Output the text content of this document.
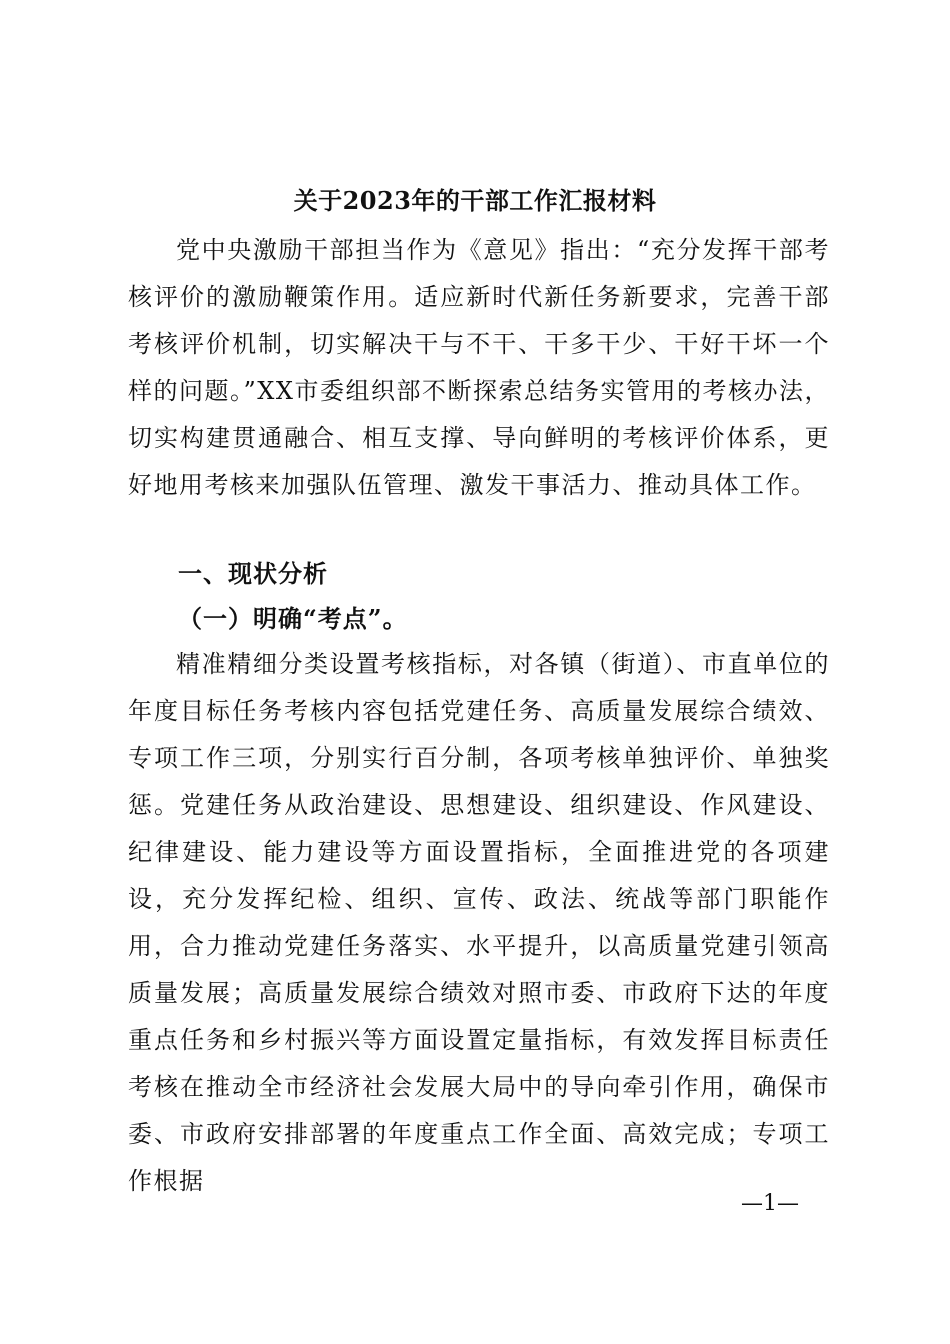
关于2023年的干部工作汇报材料

党中央激励干部担当作为《意见》指出：“充分发挥干部考核评价的激励鞭策作用。适应新时代新任务新要求，完善干部考核评价机制，切实解决干与不干、干多干少、干好干坏一个样的问题。”XX市委组织部不断探索总结务实管用的考核办法，切实构建贯通融合、相互支撑、导向鲜明的考核评价体系，更好地用考核来加强队伍管理、激发干事活力、推动具体工作。

一、现状分析
（一）明确“考点”。

精准精细分类设置考核指标，对各镇（街道）、市直单位的年度目标任务考核内容包括党建任务、高质量发展综合绩效、专项工作三项，分别实行百分制，各项考核单独评价、单独奖惩。党建任务从政治建设、思想建设、组织建设、作风建设、纪律建设、能力建设等方面设置指标，全面推进党的各项建设，充分发挥纪检、组织、宣传、政法、统战等部门职能作用，合力推动党建任务落实、水平提升，以高质量党建引领高质量发展；高质量发展综合绩效对照市委、市政府下达的年度重点任务和乡村振兴等方面设置定量指标，有效发挥目标责任考核在推动全市经济社会发展大局中的导向牵引作用，确保市委、市政府安排部署的年度重点工作全面、高效完成；专项工作根据

—1—
